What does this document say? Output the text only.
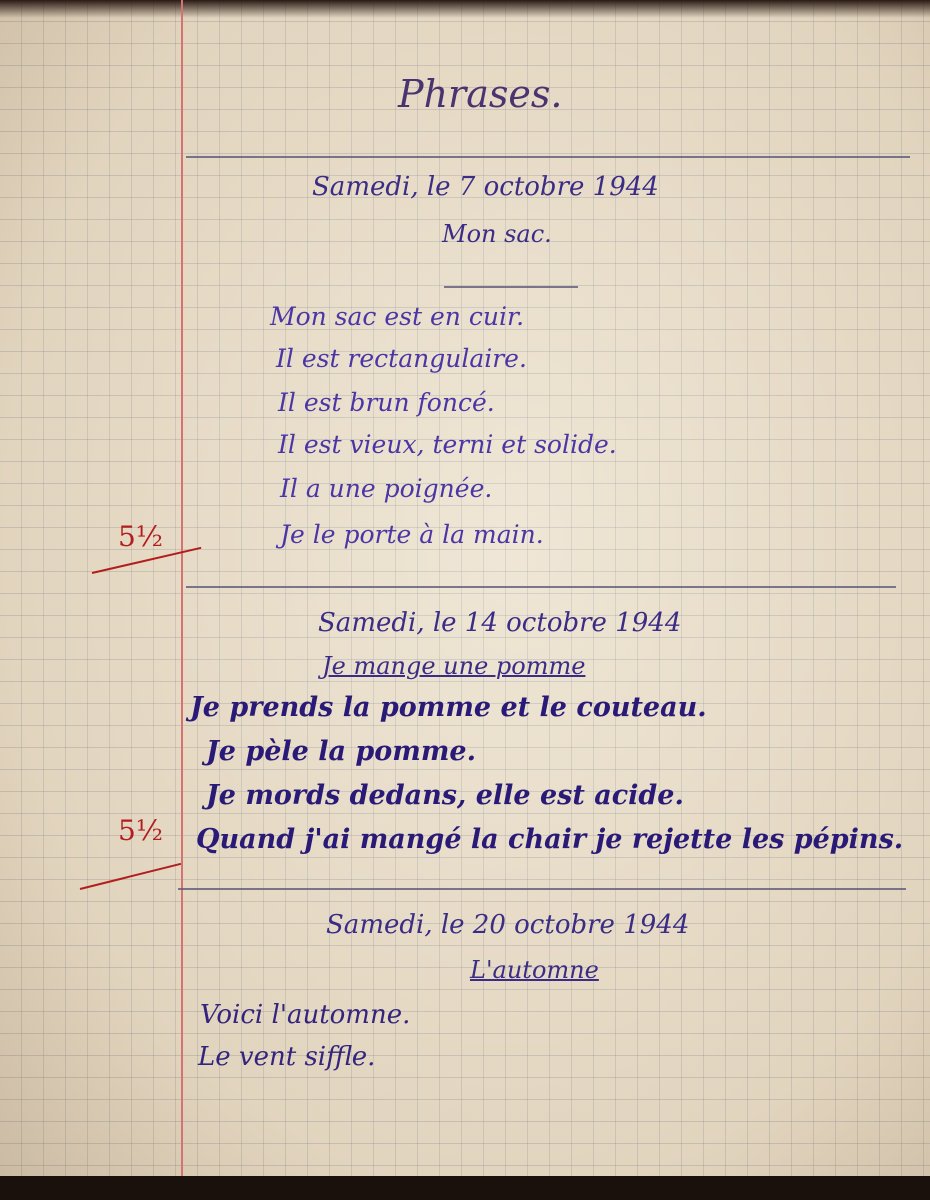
Phrases.
Samedi, le 7 octobre 1944
Mon sac.
Mon sac est en cuir.
Il est rectangulaire.
Il est brun foncé.
Il est vieux, terni et solide.
Il a une poignée.
Je le porte à la main.
5½
Samedi, le 14 octobre 1944
Je mange une pomme
Je prends la pomme et le couteau.
Je pèle la pomme.
Je mords dedans, elle est acide.
Quand j'ai mangé la chair je rejette les pépins.
5½
Samedi, le 20 octobre 1944
L'automne
Voici l'automne.
Le vent siffle.
